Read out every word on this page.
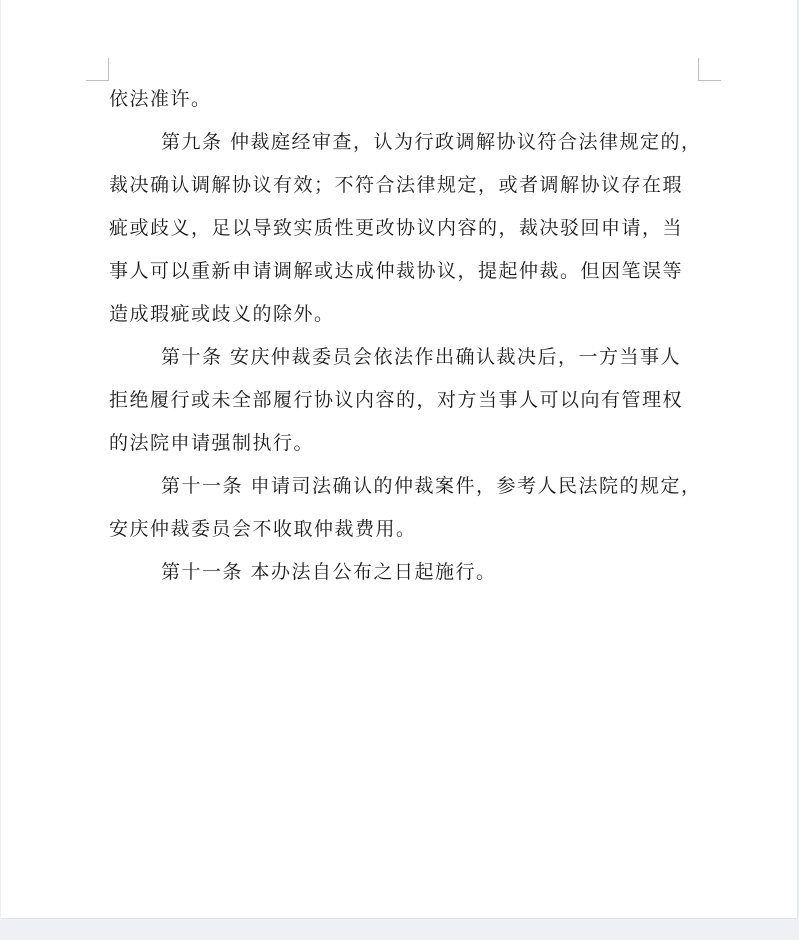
依法准许。
第九条 仲裁庭经审查，认为行政调解协议符合法律规定的，
裁决确认调解协议有效；不符合法律规定，或者调解协议存在瑕
疵或歧义，足以导致实质性更改协议内容的，裁决驳回申请，当
事人可以重新申请调解或达成仲裁协议，提起仲裁。但因笔误等
造成瑕疵或歧义的除外。
第十条 安庆仲裁委员会依法作出确认裁决后，一方当事人
拒绝履行或未全部履行协议内容的，对方当事人可以向有管理权
的法院申请强制执行。
第十一条 申请司法确认的仲裁案件，参考人民法院的规定，
安庆仲裁委员会不收取仲裁费用。
第十一条 本办法自公布之日起施行。
